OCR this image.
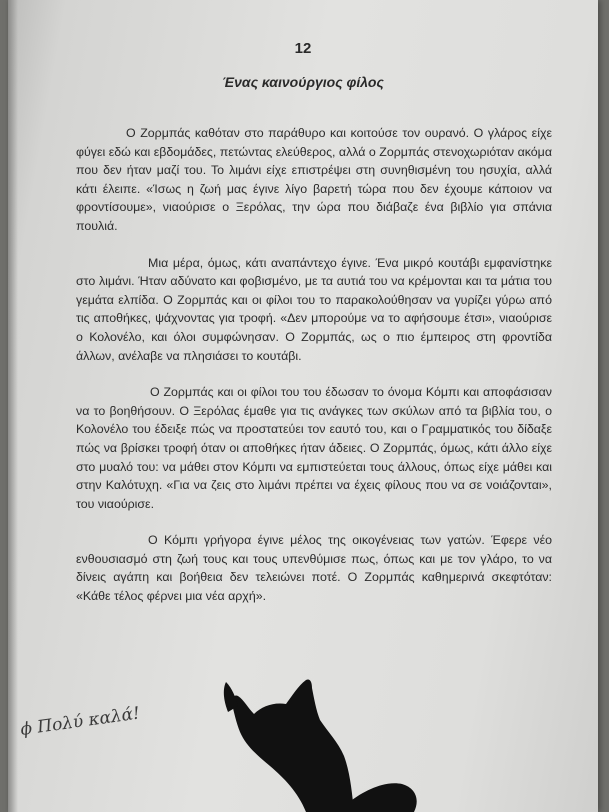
12
Ένας καινούργιος φίλος

Ο Ζορμπάς καθόταν στο παράθυρο και κοιτούσε τον ουρανό. Ο γλάρος είχε φύγει εδώ και εβδομάδες, πετώντας ελεύθερος, αλλά ο Ζορμπάς στενοχωριόταν ακόμα που δεν ήταν μαζί του. Το λιμάνι είχε επιστρέψει στη συνηθισμένη του ησυχία, αλλά κάτι έλειπε. «Ίσως η ζωή μας έγινε λίγο βαρετή τώρα που δεν έχουμε κάποιον να φροντίσουμε», νιαούρισε ο Ξερόλας, την ώρα που διάβαζε ένα βιβλίο για σπάνια πουλιά.

Μια μέρα, όμως, κάτι αναπάντεχο έγινε. Ένα μικρό κουτάβι εμφανίστηκε στο λιμάνι. Ήταν αδύνατο και φοβισμένο, με τα αυτιά του να κρέμονται και τα μάτια του γεμάτα ελπίδα. Ο Ζορμπάς και οι φίλοι του το παρακολούθησαν να γυρίζει γύρω από τις αποθήκες, ψάχνοντας για τροφή. «Δεν μπορούμε να το αφήσουμε έτσι», νιαούρισε ο Κολονέλο, και όλοι συμφώνησαν. Ο Ζορμπάς, ως ο πιο έμπειρος στη φροντίδα άλλων, ανέλαβε να πλησιάσει το κουτάβι.

Ο Ζορμπάς και οι φίλοι του του έδωσαν το όνομα Κόμπι και αποφάσισαν να το βοηθήσουν. Ο Ξερόλας έμαθε για τις ανάγκες των σκύλων από τα βιβλία του, ο Κολονέλο του έδειξε πώς να προστατεύει τον εαυτό του, και ο Γραμματικός του δίδαξε πώς να βρίσκει τροφή όταν οι αποθήκες ήταν άδειες. Ο Ζορμπάς, όμως, κάτι άλλο είχε στο μυαλό του: να μάθει στον Κόμπι να εμπιστεύεται τους άλλους, όπως είχε μάθει και στην Καλότυχη. «Για να ζεις στο λιμάνι πρέπει να έχεις φίλους που να σε νοιάζονται», του νιαούρισε.

Ο Κόμπι γρήγορα έγινε μέλος της οικογένειας των γατών. Έφερε νέο ενθουσιασμό στη ζωή τους και τους υπενθύμισε πως, όπως και με τον γλάρο, το να δίνεις αγάπη και βοήθεια δεν τελειώνει ποτέ. Ο Ζορμπάς καθημερινά σκεφτόταν: «Κάθε τέλος φέρνει μια νέα αρχή».

ϕ Πολύ καλά!
